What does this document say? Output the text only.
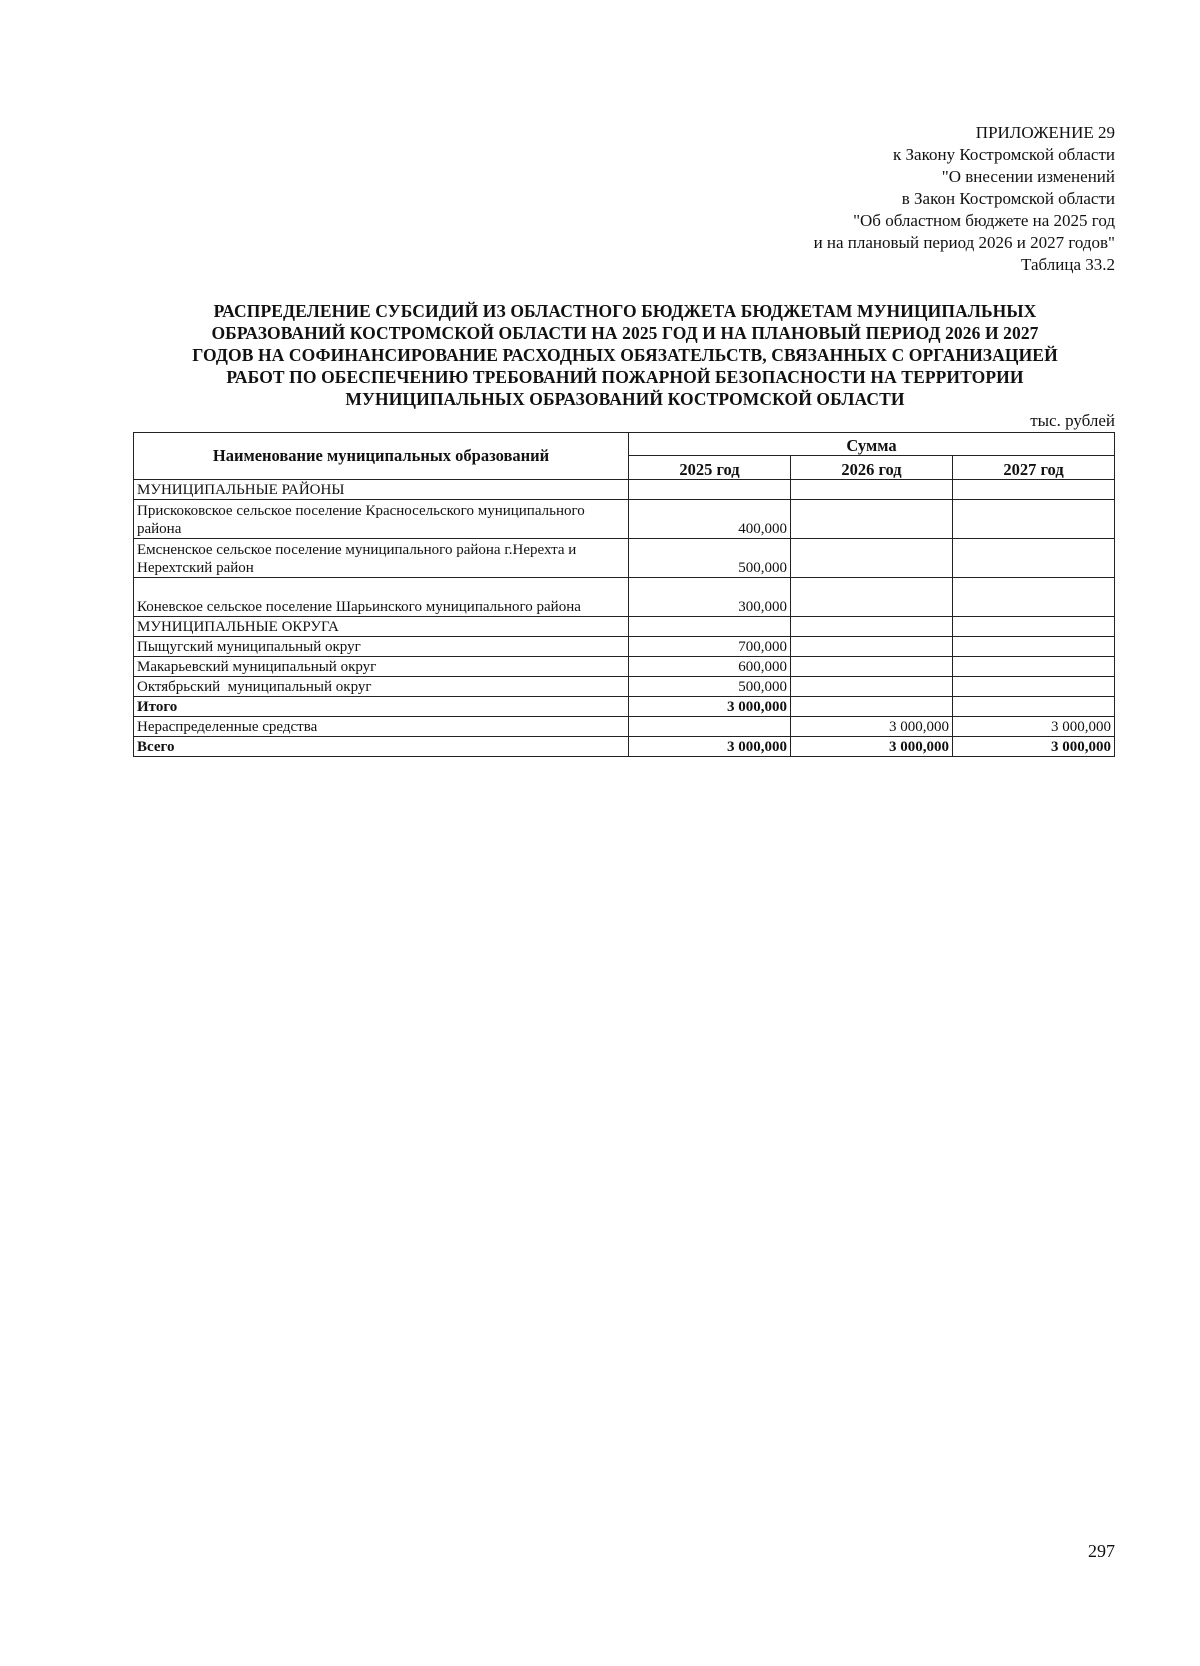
ПРИЛОЖЕНИЕ 29
к Закону Костромской области
"О внесении изменений
в Закон Костромской области
"Об областном бюджете на 2025 год
и на плановый период 2026 и 2027 годов"
Таблица 33.2
РАСПРЕДЕЛЕНИЕ СУБСИДИЙ ИЗ ОБЛАСТНОГО БЮДЖЕТА БЮДЖЕТАМ МУНИЦИПАЛЬНЫХ
ОБРАЗОВАНИЙ КОСТРОМСКОЙ ОБЛАСТИ НА 2025 ГОД И НА ПЛАНОВЫЙ ПЕРИОД 2026 И 2027
ГОДОВ НА СОФИНАНСИРОВАНИЕ РАСХОДНЫХ ОБЯЗАТЕЛЬСТВ, СВЯЗАННЫХ С ОРГАНИЗАЦИЕЙ
РАБОТ ПО ОБЕСПЕЧЕНИЮ ТРЕБОВАНИЙ ПОЖАРНОЙ БЕЗОПАСНОСТИ НА ТЕРРИТОРИИ
МУНИЦИПАЛЬНЫХ ОБРАЗОВАНИЙ КОСТРОМСКОЙ ОБЛАСТИ
тыс. рублей
Наименование муниципальных образований	Сумма		
	2025 год	2026 год	2027 год
МУНИЦИПАЛЬНЫЕ РАЙОНЫ			
Прискоковское сельское поселение Красносельского муниципального района	400,000		
Емсненское сельское поселение муниципального района г.Нерехта и Нерехтский район	500,000		
Коневское сельское поселение Шарьинского муниципального района	300,000		
МУНИЦИПАЛЬНЫЕ ОКРУГА			
Пыщугский муниципальный округ	700,000		
Макарьевский муниципальный округ	600,000		
Октябрьский  муниципальный округ	500,000		
Итого	3 000,000		
Нераспределенные средства		3 000,000	3 000,000
Всего	3 000,000	3 000,000	3 000,000
297
